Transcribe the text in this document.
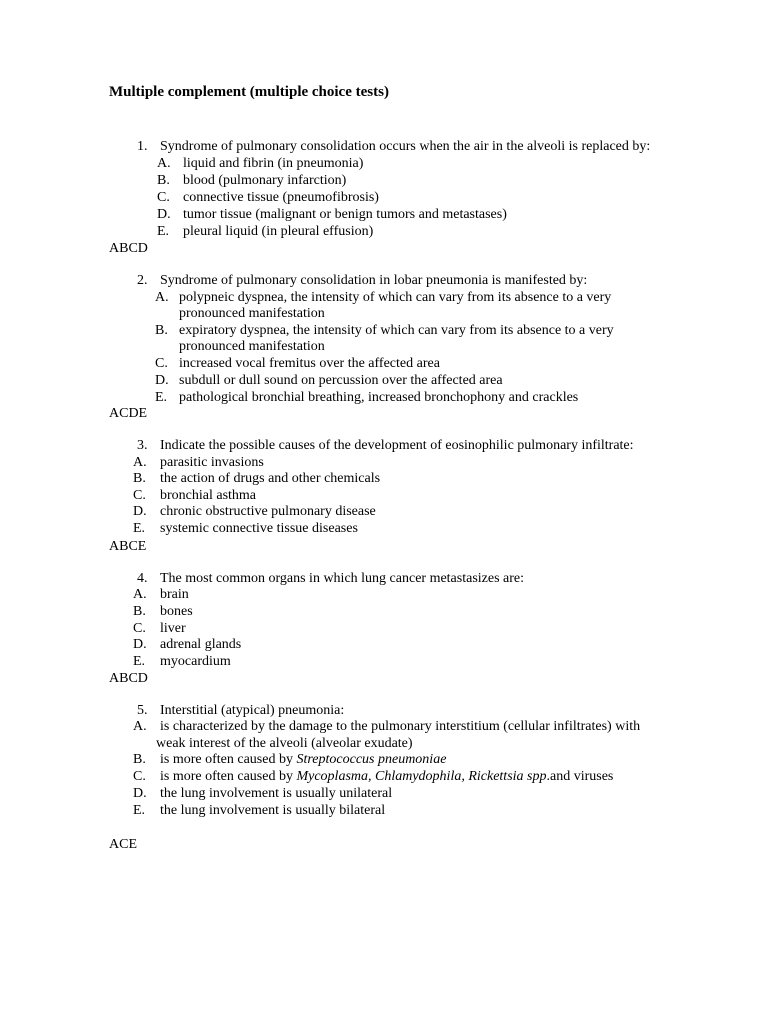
Multiple complement (multiple choice tests)
1. Syndrome of pulmonary consolidation occurs when the air in the alveoli is replaced by:
A. liquid and fibrin (in pneumonia)
B. blood (pulmonary infarction)
C. connective tissue (pneumofibrosis)
D. tumor tissue (malignant or benign tumors and metastases)
E. pleural liquid (in pleural effusion)
ABCD
2. Syndrome of pulmonary consolidation in lobar pneumonia is manifested by:
A. polypneic dyspnea, the intensity of which can vary from its absence to a very
pronounced manifestation
B. expiratory dyspnea, the intensity of which can vary from its absence to a very
pronounced manifestation
C. increased vocal fremitus over the affected area
D. subdull or dull sound on percussion over the affected area
E. pathological bronchial breathing, increased bronchophony and crackles
ACDE
3. Indicate the possible causes of the development of eosinophilic pulmonary infiltrate:
A. parasitic invasions
B. the action of drugs and other chemicals
C. bronchial asthma
D. chronic obstructive pulmonary disease
E. systemic connective tissue diseases
ABCE
4. The most common organs in which lung cancer metastasizes are:
A. brain
B. bones
C. liver
D. adrenal glands
E. myocardium
ABCD
5. Interstitial (atypical) pneumonia:
A. is characterized by the damage to the pulmonary interstitium (cellular infiltrates) with
weak interest of the alveoli (alveolar exudate)
B. is more often caused by Streptococcus pneumoniae
C. is more often caused by Mycoplasma, Chlamydophila, Rickettsia spp.and viruses
D. the lung involvement is usually unilateral
E. the lung involvement is usually bilateral
ACE
